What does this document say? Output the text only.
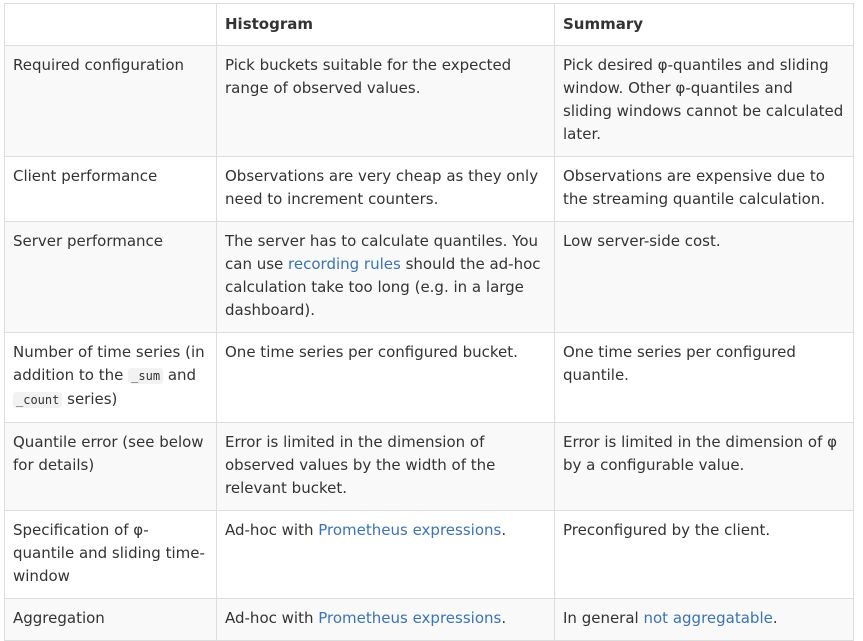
	Histogram	Summary
Required configuration	Pick buckets suitable for the expected range of observed values.	Pick desired φ-quantiles and sliding window. Other φ-quantiles and sliding windows cannot be calculated later.
Client performance	Observations are very cheap as they only need to increment counters.	Observations are expensive due to the streaming quantile calculation.
Server performance	The server has to calculate quantiles. You can use recording rules should the ad-hoc calculation take too long (e.g. in a large dashboard).	Low server-side cost.
Number of time series (in addition to the _sum and _count series)	One time series per configured bucket.	One time series per configured quantile.
Quantile error (see below for details)	Error is limited in the dimension of observed values by the width of the relevant bucket.	Error is limited in the dimension of φ by a configurable value.
Specification of φ-quantile and sliding time-window	Ad-hoc with Prometheus expressions.	Preconfigured by the client.
Aggregation	Ad-hoc with Prometheus expressions.	In general not aggregatable.
